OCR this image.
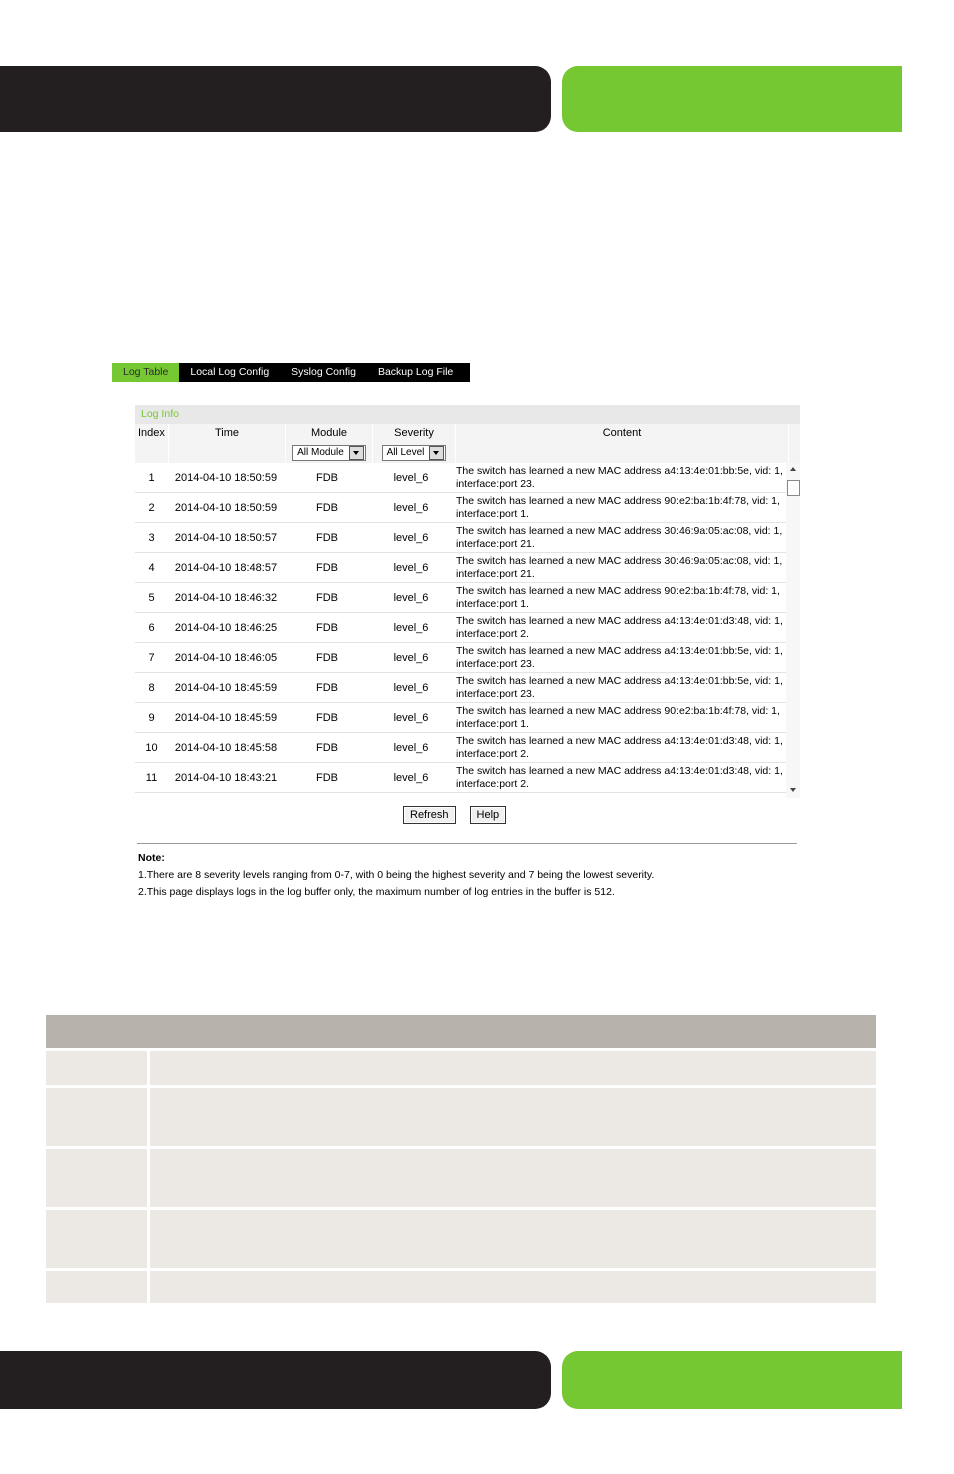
Log Table	Local Log Config	Syslog Config	Backup Log File
Log Info
Index	Time	Module	Severity	Content
All Module	All Level
1	2014-04-10 18:50:59	FDB	level_6
The switch has learned a new MAC address a4:13:4e:01:bb:5e, vid: 1, interface:port 23.
2	2014-04-10 18:50:59	FDB	level_6
The switch has learned a new MAC address 90:e2:ba:1b:4f:78, vid: 1, interface:port 1.
3	2014-04-10 18:50:57	FDB	level_6
The switch has learned a new MAC address 30:46:9a:05:ac:08, vid: 1, interface:port 21.
4	2014-04-10 18:48:57	FDB	level_6
The switch has learned a new MAC address 30:46:9a:05:ac:08, vid: 1, interface:port 21.
5	2014-04-10 18:46:32	FDB	level_6
The switch has learned a new MAC address 90:e2:ba:1b:4f:78, vid: 1, interface:port 1.
6	2014-04-10 18:46:25	FDB	level_6
The switch has learned a new MAC address a4:13:4e:01:d3:48, vid: 1, interface:port 2.
7	2014-04-10 18:46:05	FDB	level_6
The switch has learned a new MAC address a4:13:4e:01:bb:5e, vid: 1, interface:port 23.
8	2014-04-10 18:45:59	FDB	level_6
The switch has learned a new MAC address a4:13:4e:01:bb:5e, vid: 1, interface:port 23.
9	2014-04-10 18:45:59	FDB	level_6
The switch has learned a new MAC address 90:e2:ba:1b:4f:78, vid: 1, interface:port 1.
10	2014-04-10 18:45:58	FDB	level_6
The switch has learned a new MAC address a4:13:4e:01:d3:48, vid: 1, interface:port 2.
11	2014-04-10 18:43:21	FDB	level_6
The switch has learned a new MAC address a4:13:4e:01:d3:48, vid: 1, interface:port 2.
Refresh	Help
Note:
1.There are 8 severity levels ranging from 0-7, with 0 being the highest severity and 7 being the lowest severity.
2.This page displays logs in the log buffer only, the maximum number of log entries in the buffer is 512.
